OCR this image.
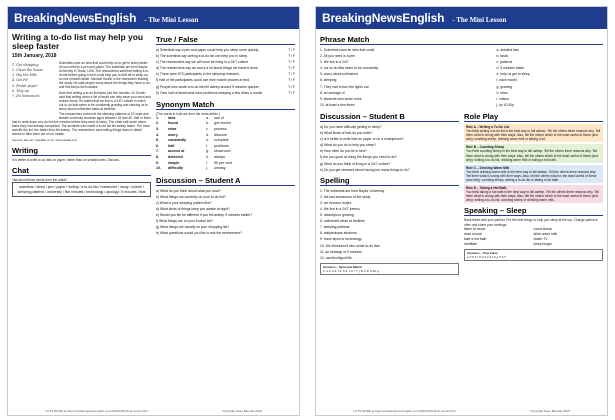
BreakingNewsEnglish - The Mini Lesson
Writing a to-do list may help you sleep faster
15th January, 2018
1. Get shopping
2. Clean the house
3. Pay the bills
4. Get Fit
5. Finish paper
6. Tidy up
7. Do homework

Scientists have an idea that could help us to get to sleep faster. All you need is a pen and paper. The scientists are from Baylor University in Texas, USA. The researchers said that writing a to-do list before going to bed could help you to drift off to sleep up to nine minutes faster. Michael Scullin is the researcher leading the study. He said people worry about the things they have to do, and this keeps them awake.

Note that writing a to-do list takes just five minutes. Dr Scullin said that writing down a list of tasks can help ease your mind and reduce worry. He added that we live in a 24/7 culture in which our to-do lists seem to be constantly growing and causing us to worry about unfinished tasks at bedtime.

The researchers looked at the sleeping patterns of 57 male and female university students aged between 18 and 30. Half of them had to write down a to-do list five minutes before they went to sleep. The other half wrote about tasks they had already completed. The students who made a to-do list fell asleep faster. The more specific the list, the faster they fell asleep. The researchers said writing things down in detail seems to take them out of our heads.

Sources: abc.net / guardian.co.uk / sciencedaily.com

Writing

It is better to write to-do lists on paper, rather than on smartphones. Discuss.

Chat

Talk about these words from the article.

scientists / sleep / pen / paper / writing / a to-do list / researcher / study / culture / sleeping patterns / university / five minutes / technology / apology / 5 minutes / lists
True / False
a) Scientists say a pen and paper could help you sleep more quickly.	T / F
b) The scientists say writing a to-do list can help you to sleep.	T / F
c) The researchers say we will soon be living in a 24/7 culture.	T / F
d) The researchers say we worry a lot about things we haven't done.	T / F
e) There were 570 participants in the sleeping research.	T / F
f) Half of the participants could use their mobile phones in bed.	T / F
g) People who wrote a to-do list fell asleep around 9 minutes quicker.	T / F
h) Over half of Americans have problems sleeping a few times a month.	T / F
Synonym Match

(The words in bold are from the news article.)

1.	idea	a.	use of
2.	found	b.	got moved
3.	relax	c.	process
4.	worry	d.	discover
5.	constantly	e.	complete
6.	half	f.	problems
7.	access of	g.	showroom
8.	detected	h.	always
9.	simple	i.	50 per cent
10.	difficulty	j.	uneasy
Discussion – Student A
a) What do you think about what you read?
b) What things are currently on your to-do list?
c) What is your sleeping pattern like?
d) What kinds of things keep you awake at night?
e) Would you life be different if you fell asleep 9 minutes earlier?
f) What things are on your bucket list?
g) What things are usually on your shopping list?
h) What questions would you like to ask the researchers?
LOTS MORE at https://breakingnewsenglish.com/1801/180115-to-do-list.html	Copyright Sean Banville 2018
BreakingNewsEnglish - The Mini Lesson
Phrase Match
1. Scientists have an idea that could
2. All you need is a pen
3. We live in a 24/7
4. our to-do lists seem to be constantly
5. worry about unfinished
6. sleeping
7. They had to turn the lights out
8. an average of
9. students who wrote more
10. at least a few times
a. detailed lists
b. tasks
c. patterns
d. 9 minutes faster
e. help us get to sleep
f. each month
g. growing
h. relax
i. culture
j. by 10:30p
Discussion – Student B
a) Do you have difficulty getting to sleep?
b) What kinds of lists do you write?
c) Is it better to write lists on paper or on a smartphone?
d) What do you do to help you sleep?
e) How often do you lie in bed?
f) Are you good at doing the things you need to do?
g) What do you think of living in a 24/7 culture?
h) Do you get stressed about having too many things to do?
Spelling
1. The sntiecsits are from Baylor University
2. the last seesssoun of the study
3. we become reajex
4. We live in a 24/7 luetrcu
5. nstantlycoo growing
6. unfinished atsks at bedtime
7. sleeping pnttreas
8. eallptsnicpar students
9. Have aiyrw to technology
10. We ifsniuumnd who wrote to-do lists
11. an eeaavgr of 9 minutes
12. usmlla etfguid life
Answers – Synonym Match
1. e 2. a 3. f 4. h 5. c 6. i 7. j 8. b 9. d 10. g
Role Play
Role A – Writing a To-Do List
You think writing a to-do list is the best way to fall asleep. Tell the others three reasons why. Tell them what is wrong with their ways. Also, tell the others which is the least useful of these (and why): counting sheep, drinking warm milk or talking a lot.
Role B – Counting Sheep
You think counting sheep is the best way to fall asleep. Tell the others three reasons why. Tell them what is wrong with their ways. Also, tell the others which is the least useful of these (and why): writing a to-do list, drinking warm milk or taking a hot bath.
Role C – Drinking Warm Milk
You think drinking warm milk is the best way to fall asleep. Tell the others three reasons why. Tell them what is wrong with their ways. Also, tell the others which is the least useful of these (and why): counting sheep, writing a to-do list or taking a hot bath.
Role D – Taking a Hot Bath
You think taking a hot bath is the best way to fall asleep. Tell the others three reasons why. Tell them what is wrong with their ways. Also, tell the others which is the least useful of these (and why): writing a to-do list, counting sheep or drinking warm milk.
Speaking – Sleep

Rank these with your partner. Put the best things to help you sleep at the top. Change partners often and share your rankings.

listen to music	count sheep
read a book	drink warm milk
take a hot bath	watch TV
meditate	sleep longer
Answers – True False
a T b T c F d T e F f F g T h T
LOTS MORE at https://breakingnewsenglish.com/1801/180115-to-do-list.html	Copyright Sean Banville 2018
